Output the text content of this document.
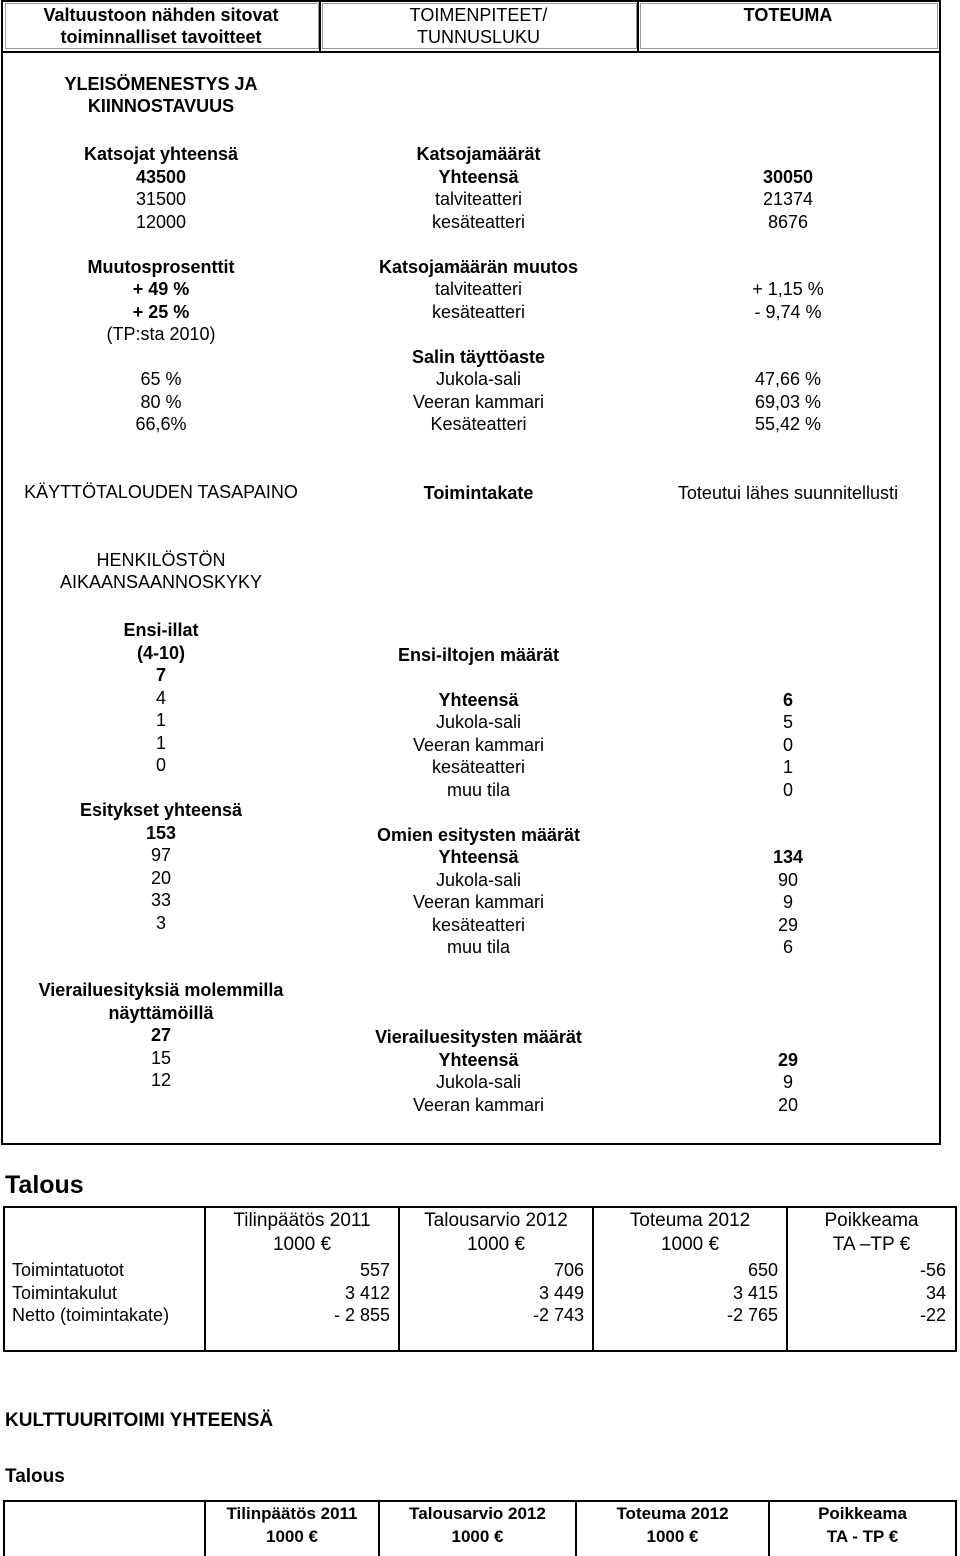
Valtuustoon nähden sitovat
toiminnalliset tavoitteet
TOIMENPITEET/
TUNNUSLUKU
TOTEUMA
YLEISÖMENESTYS JA
KIINNOSTAVUUS
Katsojat yhteensä
43500
31500
12000
Muutosprosenttit
+ 49 %
+ 25 %
(TP:sta 2010)
65 %
80 %
66,6%
Katsojamäärät
Yhteensä
talviteatteri
kesäteatteri
Katsojamäärän muutos
talviteatteri
kesäteatteri
Salin täyttöaste
Jukola-sali
Veeran kammari
Kesäteatteri
30050
21374
8676
+ 1,15 %
- 9,74 %
47,66 %
69,03 %
55,42 %
KÄYTTÖTALOUDEN TASAPAINO	Toimintakate	Toteutui lähes suunnitellusti
HENKILÖSTÖN
AIKAANSAANNOSKYKY
Ensi-illat
(4-10)
7
4
1
1
0
Esitykset yhteensä
153
97
20
33
3
Vierailuesityksiä molemmilla
näyttämöillä
27
15
12
Ensi-iltojen määrät
Yhteensä
Jukola-sali
Veeran kammari
kesäteatteri
muu tila
Omien esitysten määrät
Yhteensä
Jukola-sali
Veeran kammari
kesäteatteri
muu tila
Vierailuesitysten määrät
Yhteensä
Jukola-sali
Veeran kammari
6
5
0
1
0
134
90
9
29
6
29
9
20
Talous
Tilinpäätös 2011
1000 €
Talousarvio 2012
1000 €
Toteuma 2012
1000 €
Poikkeama
TA –TP €
Toimintatuotot
Toimintakulut
Netto (toimintakate)
557
3 412
- 2 855
706
3 449
-2 743
650
3 415
-2 765
-56
34
-22
KULTTUURITOIMI YHTEENSÄ
Talous
Tilinpäätös 2011
1000 €
Talousarvio 2012
1000 €
Toteuma 2012
1000 €
Poikkeama
TA - TP €
